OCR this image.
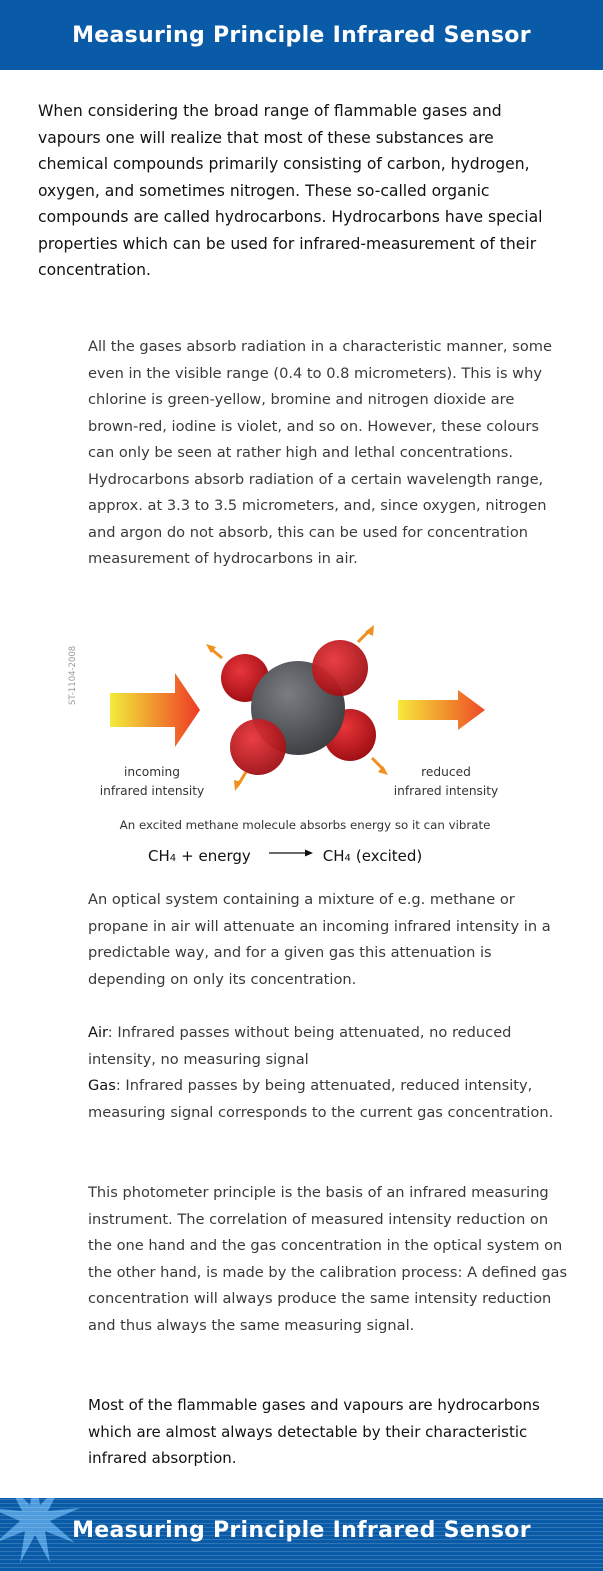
Measuring Principle Infrared Sensor

When considering the broad range of flammable gases and vapours one will realize that most of these substances are chemical compounds primarily consisting of carbon, hydrogen, oxygen, and sometimes nitrogen. These so-called organic compounds are called hydrocarbons. Hydrocarbons have special properties which can be used for infrared-measurement of their concentration.

All the gases absorb radiation in a characteristic manner, some even in the visible range (0.4 to 0.8 micrometers). This is why chlorine is green-yellow, bromine and nitrogen dioxide are brown-red, iodine is violet, and so on. However, these colours can only be seen at rather high and lethal concentrations. Hydrocarbons absorb radiation of a certain wavelength range, approx. at 3.3 to 3.5 micrometers, and, since oxygen, nitrogen and argon do not absorb, this can be used for concentration measurement of hydrocarbons in air.

ST-1104-2008

incoming
infrared intensity

reduced
infrared intensity

An excited methane molecule absorbs energy so it can vibrate
CH 4 + energy → CH 4 (excited)

An optical system containing a mixture of e.g. methane or propane in air will attenuate an incoming infrared intensity in a predictable way, and for a given gas this attenuation is depending on only its concentration.

Air: Infrared passes without being attenuated, no reduced intensity, no measuring signal
Gas: Infrared passes by being attenuated, reduced intensity, measuring signal corresponds to the current gas concentration.

This photometer principle is the basis of an infrared measuring instrument. The correlation of measured intensity reduction on the one hand and the gas concentration in the optical system on the other hand, is made by the calibration process: A defined gas concentration will always produce the same intensity reduction and thus always the same measuring signal.

Most of the flammable gases and vapours are hydrocarbons which are almost always detectable by their characteristic infrared absorption.

Measuring Principle Infrared Sensor
